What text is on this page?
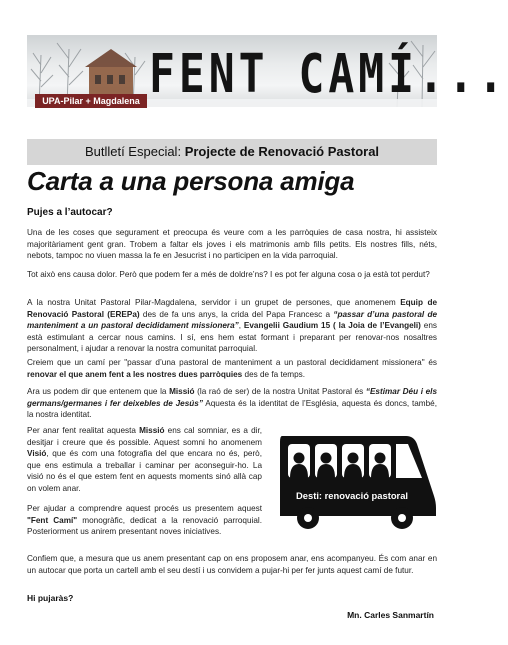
FENT CAMÍ...
UPA-Pilar + Magdalena
Butlletí Especial: Projecte de Renovació Pastoral
Carta a una persona amiga
Pujes a l’autocar?

Una de les coses que segurament et preocupa és veure com a les parròquies de casa nostra, hi assisteix majoritàriament gent gran. Trobem a faltar els joves i els matrimonis amb fills petits. Els nostres fills, néts, nebots, tampoc no viuen massa la fe en Jesucrist i no participen en la vida parroquial.

Tot això ens causa dolor. Però que podem fer a més de doldre’ns? I es pot fer alguna cosa o ja està tot perdut?

A la nostra Unitat Pastoral Pilar-Magdalena, servidor i un grupet de persones, que anomenem Equip de Renovació Pastoral (EREPa) des de fa uns anys, la crida del Papa Francesc a “passar d’una pastoral de manteniment a un pastoral decididament missionera”, Evangelii Gaudium 15 ( la Joia de l’Evangeli) ens està estimulant a cercar nous camins. I sí, ens hem estat formant i preparant per renovar-nos nosaltres personalment, i ajudar a renovar la nostra comunitat parroquial.

Creiem que un camí per "passar d’una pastoral de manteniment a un pastoral decididament missionera" és renovar el que anem fent a les nostres dues parròquies des de fa temps.

Ara us podem dir que entenem que la Missió (la raó de ser) de la nostra Unitat Pastoral és “Estimar Déu i els germans/germanes i fer deixebles de Jesús” Aquesta és la identitat de l’Església, aquesta és doncs, també, la nostra identitat.

Per anar fent realitat aquesta Missió ens cal somniar, es a dir, desitjar i creure que és possible. Aquest somni ho anomenem Visió, que és com una fotografia del que encara no és, però, que ens estimula a treballar i caminar per aconseguir-ho. La visió no és el que estem fent en aquests moments sinó allà cap on volem anar.

Per ajudar a comprendre aquest procés us presentem aquest "Fent Camí" monogràfic, dedicat a la renovació parroquial. Posteriorment us anirem presentant noves iniciatives.

Confiem que, a mesura que us anem presentant cap on ens proposem anar, ens acompanyeu. És com anar en un autocar que porta un cartell amb el seu destí i us convidem a pujar-hi per fer junts aquest camí de futur.

Desti: renovació pastoral
Hi pujaràs?
Mn. Carles Sanmartín
